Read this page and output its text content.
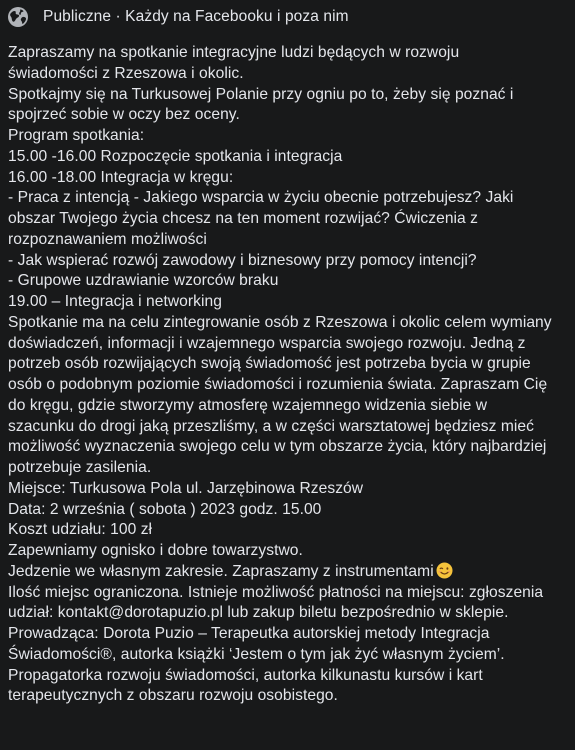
Publiczne · Każdy na Facebooku i poza nim
Zapraszamy na spotkanie integracyjne ludzi będących w rozwoju
świadomości z Rzeszowa i okolic.
Spotkajmy się na Turkusowej Polanie przy ogniu po to, żeby się poznać i
spojrzeć sobie w oczy bez oceny.
Program spotkania:
15.00 -16.00 Rozpoczęcie spotkania i integracja
16.00 -18.00 Integracja w kręgu:
- Praca z intencją - Jakiego wsparcia w życiu obecnie potrzebujesz? Jaki
obszar Twojego życia chcesz na ten moment rozwijać? Ćwiczenia z
rozpoznawaniem możliwości
- Jak wspierać rozwój zawodowy i biznesowy przy pomocy intencji?
- Grupowe uzdrawianie wzorców braku
19.00 – Integracja i networking
Spotkanie ma na celu zintegrowanie osób z Rzeszowa i okolic celem wymiany
doświadczeń, informacji i wzajemnego wsparcia swojego rozwoju. Jedną z
potrzeb osób rozwijających swoją świadomość jest potrzeba bycia w grupie
osób o podobnym poziomie świadomości i rozumienia świata. Zapraszam Cię
do kręgu, gdzie stworzymy atmosferę wzajemnego widzenia siebie w
szacunku do drogi jaką przeszliśmy, a w części warsztatowej będziesz mieć
możliwość wyznaczenia swojego celu w tym obszarze życia, który najbardziej
potrzebuje zasilenia.
Miejsce: Turkusowa Pola ul. Jarzębinowa Rzeszów
Data: 2 września ( sobota ) 2023 godz. 15.00
Koszt udziału: 100 zł
Zapewniamy ognisko i dobre towarzystwo.
Jedzenie we własnym zakresie. Zapraszamy z instrumentami
Ilość miejsc ograniczona. Istnieje możliwość płatności na miejscu: zgłoszenia
udział: kontakt@dorotapuzio.pl lub zakup biletu bezpośrednio w sklepie.
Prowadząca: Dorota Puzio – Terapeutka autorskiej metody Integracja
Świadomości®, autorka książki ‘Jestem o tym jak żyć własnym życiem’.
Propagatorka rozwoju świadomości, autorka kilkunastu kursów i kart
terapeutycznych z obszaru rozwoju osobistego.
